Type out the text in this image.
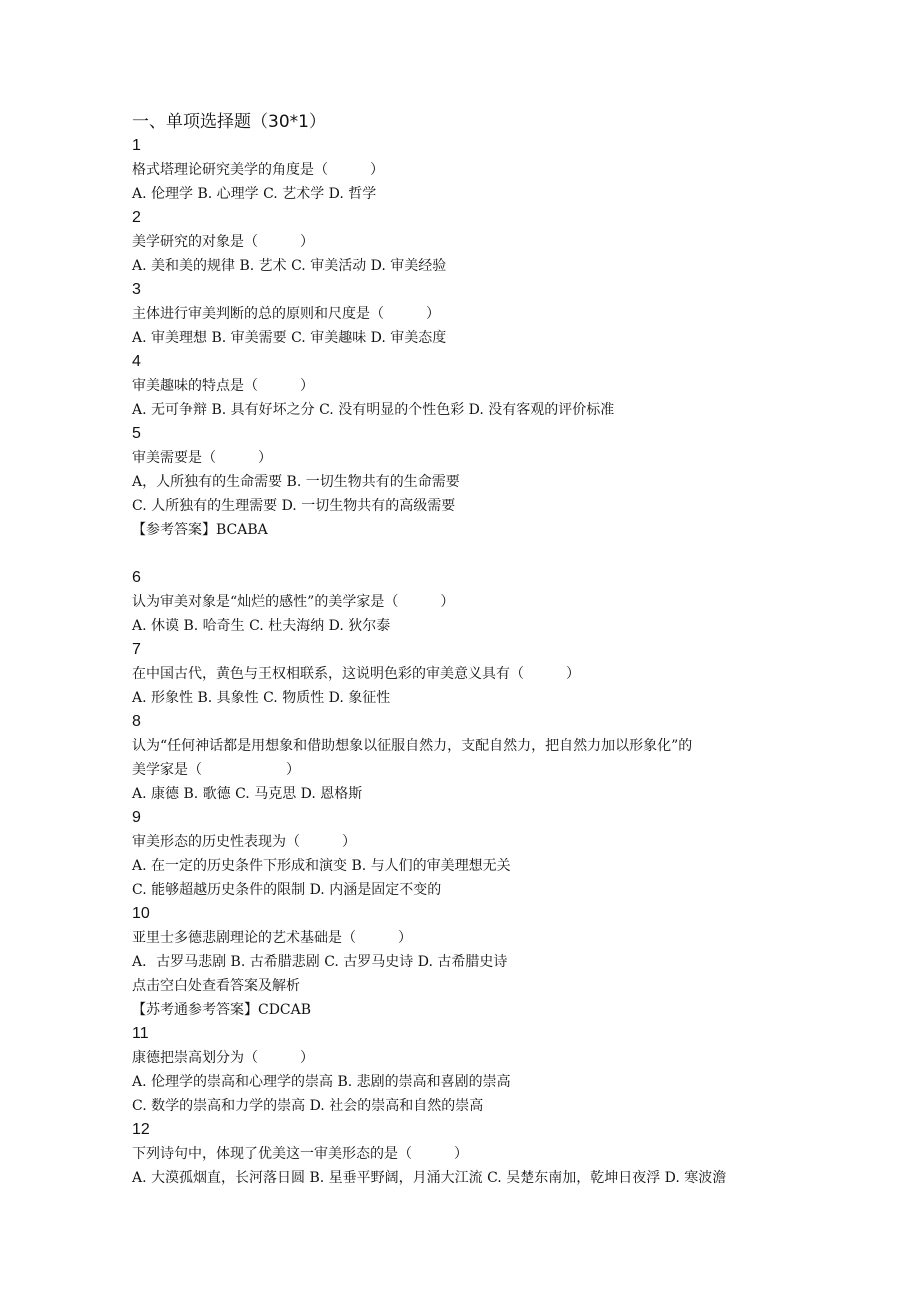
一、单项选择题（30*1）

1

格式塔理论研究美学的角度是（　　　）

A. 伦理学 B. 心理学 C. 艺术学 D. 哲学

2

美学研究的对象是（　　　）

A. 美和美的规律 B. 艺术 C. 审美活动 D. 审美经验

3

主体进行审美判断的总的原则和尺度是（　　　）

A. 审美理想 B. 审美需要 C. 审美趣味 D. 审美态度

4

审美趣味的特点是（　　　）

A. 无可争辩 B. 具有好坏之分 C. 没有明显的个性色彩 D. 没有客观的评价标准

5

审美需要是（　　　）

A，人所独有的生命需要 B. 一切生物共有的生命需要

C. 人所独有的生理需要 D. 一切生物共有的高级需要

【参考答案】BCABA

6

认为审美对象是“灿烂的感性”的美学家是（　　　）

A. 休谟 B. 哈奇生 C. 杜夫海纳 D. 狄尔泰

7

在中国古代，黄色与王权相联系，这说明色彩的审美意义具有（　　　）

A. 形象性 B. 具象性 C. 物质性 D. 象征性

8

认为“任何神话都是用想象和借助想象以征服自然力，支配自然力，把自然力加以形象化”的

美学家是（　　　　　　）

A. 康德 B. 歌德 C. 马克思 D. 恩格斯

9

审美形态的历史性表现为（　　　）

A. 在一定的历史条件下形成和演变 B. 与人们的审美理想无关

C. 能够超越历史条件的限制 D. 内涵是固定不变的

10

亚里士多德悲剧理论的艺术基础是（　　　）

A．古罗马悲剧 B. 古希腊悲剧 C. 古罗马史诗 D. 古希腊史诗

点击空白处查看答案及解析

【苏考通参考答案】CDCAB

11

康德把崇高划分为（　　　）

A. 伦理学的崇高和心理学的崇高 B. 悲剧的崇高和喜剧的崇高

C. 数学的崇高和力学的崇高 D. 社会的崇高和自然的崇高

12

下列诗句中，体现了优美这一审美形态的是（　　　）

A. 大漠孤烟直，长河落日圆 B. 星垂平野阔，月涌大江流 C. 吴楚东南加，乾坤日夜浮 D. 寒波澹
